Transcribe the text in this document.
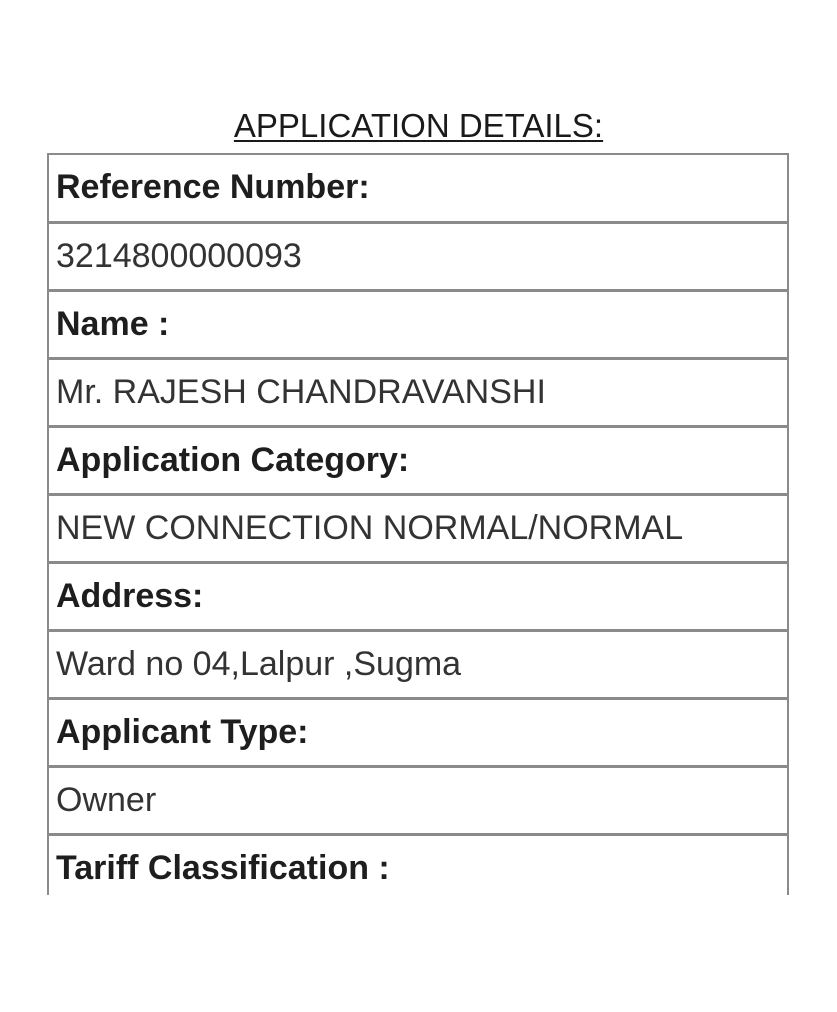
APPLICATION DETAILS:
Reference Number:
3214800000093
Name :
Mr. RAJESH CHANDRAVANSHI
Application Category:
NEW CONNECTION NORMAL/NORMAL
Address:
Ward no 04,Lalpur ,Sugma
Applicant Type:
Owner
Tariff Classification :
